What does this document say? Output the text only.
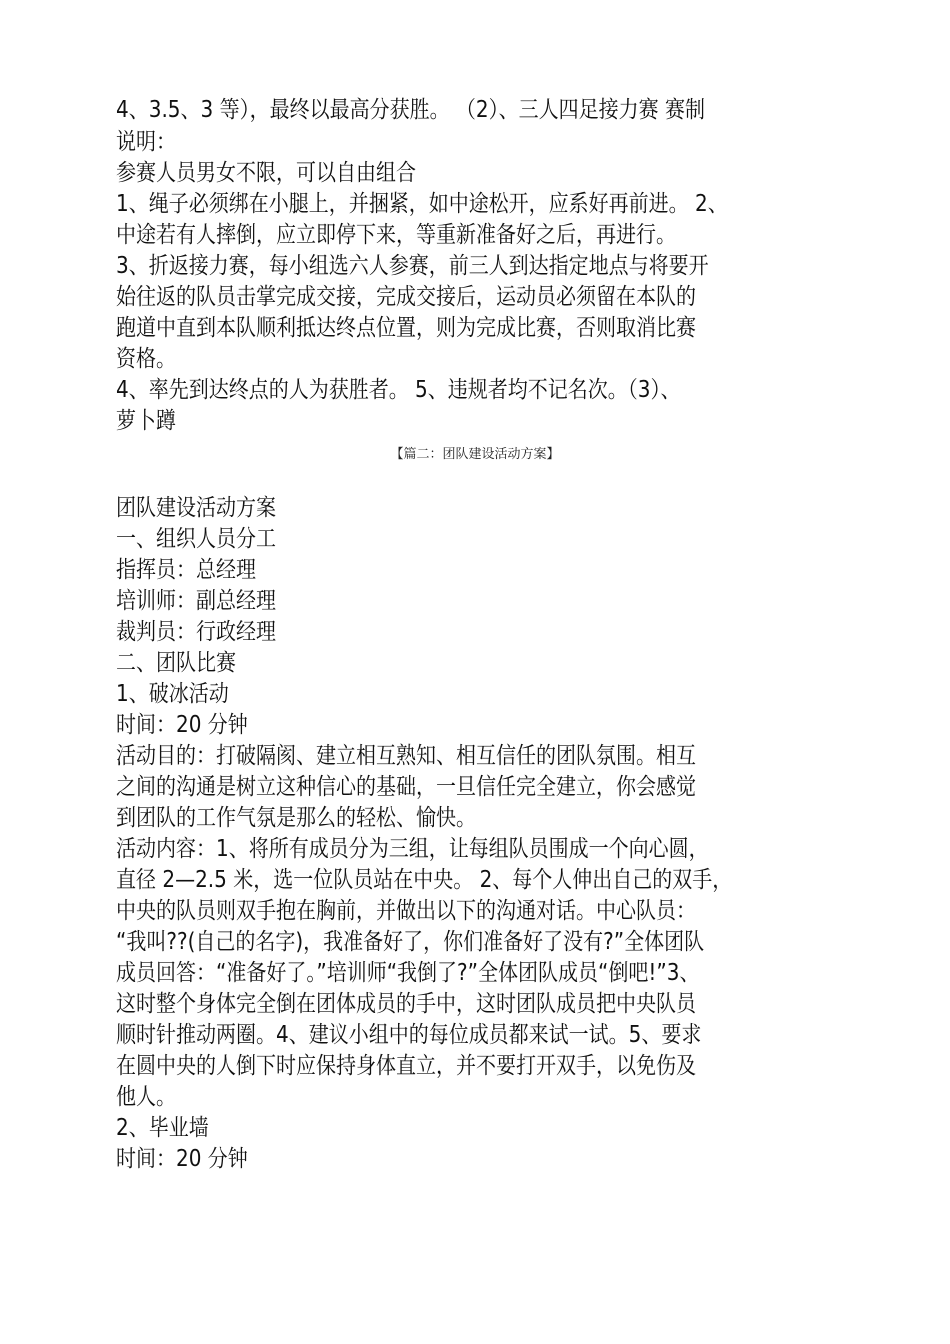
4、3.5、3 等），最终以最高分获胜。 （2）、三人四足接力赛 赛制
说明：
参赛人员男女不限，可以自由组合
1、绳子必须绑在小腿上，并捆紧，如中途松开，应系好再前进。 2、
中途若有人摔倒，应立即停下来，等重新准备好之后，再进行。
3、折返接力赛，每小组选六人参赛，前三人到达指定地点与将要开
始往返的队员击掌完成交接，完成交接后，运动员必须留在本队的
跑道中直到本队顺利抵达终点位置，则为完成比赛，否则取消比赛
资格。
4、率先到达终点的人为获胜者。 5、违规者均不记名次。（3）、
萝卜蹲
【篇二：团队建设活动方案】
团队建设活动方案
一、组织人员分工
指挥员：总经理
培训师：副总经理
裁判员：行政经理
二、团队比赛
1、破冰活动
时间：20 分钟
活动目的：打破隔阂、建立相互熟知、相互信任的团队氛围。相互
之间的沟通是树立这种信心的基础，一旦信任完全建立，你会感觉
到团队的工作气氛是那么的轻松、愉快。
活动内容：1、将所有成员分为三组，让每组队员围成一个向心圆，
直径 2—2.5 米，选一位队员站在中央。 2、每个人伸出自己的双手，
中央的队员则双手抱在胸前，并做出以下的沟通对话。中心队员：
“我叫??(自己的名字)，我准备好了，你们准备好了没有?”全体团队
成员回答：“准备好了。”培训师“我倒了?”全体团队成员“倒吧!”3、
这时整个身体完全倒在团体成员的手中，这时团队成员把中央队员
顺时针推动两圈。4、建议小组中的每位成员都来试一试。5、要求
在圆中央的人倒下时应保持身体直立，并不要打开双手，以免伤及
他人。
2、毕业墙
时间：20 分钟
